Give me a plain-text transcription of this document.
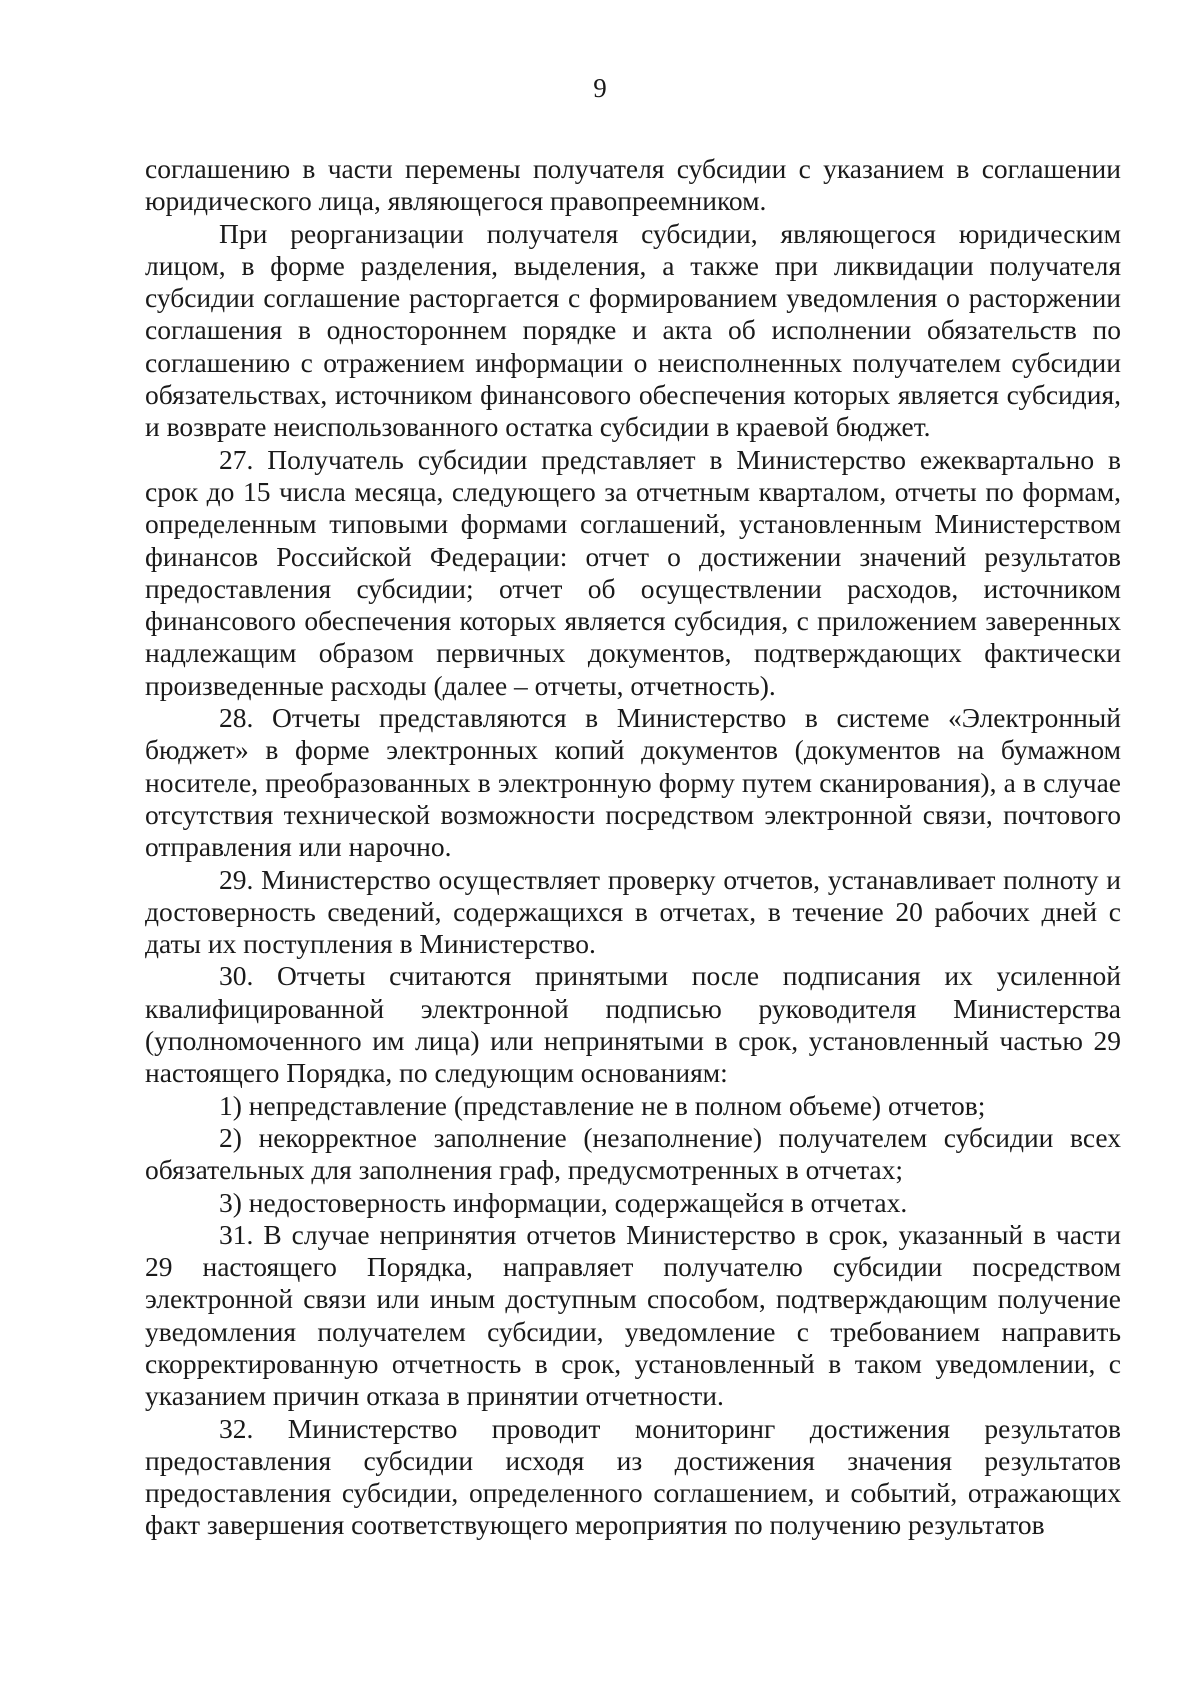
9

соглашению в части перемены получателя субсидии с указанием в соглашении юридического лица, являющегося правопреемником.

При реорганизации получателя субсидии, являющегося юридическим лицом, в форме разделения, выделения, а также при ликвидации получателя субсидии соглашение расторгается с формированием уведомления о расторжении соглашения в одностороннем порядке и акта об исполнении обязательств по соглашению с отражением информации о неисполненных получателем субсидии обязательствах, источником финансового обеспечения которых является субсидия, и возврате неиспользованного остатка субсидии в краевой бюджет.

27. Получатель субсидии представляет в Министерство ежеквартально в срок до 15 числа месяца, следующего за отчетным кварталом, отчеты по формам, определенным типовыми формами соглашений, установленным Министерством финансов Российской Федерации: отчет о достижении значений результатов предоставления субсидии; отчет об осуществлении расходов, источником финансового обеспечения которых является субсидия, с приложением заверенных надлежащим образом первичных документов, подтверждающих фактически произведенные расходы (далее – отчеты, отчетность).

28. Отчеты представляются в Министерство в системе «Электронный бюджет» в форме электронных копий документов (документов на бумажном носителе, преобразованных в электронную форму путем сканирования), а в случае отсутствия технической возможности посредством электронной связи, почтового отправления или нарочно.

29. Министерство осуществляет проверку отчетов, устанавливает полноту и достоверность сведений, содержащихся в отчетах, в течение 20 рабочих дней с даты их поступления в Министерство.

30. Отчеты считаются принятыми после подписания их усиленной квалифицированной электронной подписью руководителя Министерства (уполномоченного им лица) или непринятыми в срок, установленный частью 29 настоящего Порядка, по следующим основаниям:

1) непредставление (представление не в полном объеме) отчетов;

2) некорректное заполнение (незаполнение) получателем субсидии всех обязательных для заполнения граф, предусмотренных в отчетах;

3) недостоверность информации, содержащейся в отчетах.

31. В случае непринятия отчетов Министерство в срок, указанный в части 29 настоящего Порядка, направляет получателю субсидии посредством электронной связи или иным доступным способом, подтверждающим получение уведомления получателем субсидии, уведомление с требованием направить скорректированную отчетность в срок, установленный в таком уведомлении, с указанием причин отказа в принятии отчетности.

32. Министерство проводит мониторинг достижения результатов предоставления субсидии исходя из достижения значения результатов предоставления субсидии, определенного соглашением, и событий, отражающих факт завершения соответствующего мероприятия по получению результатов
